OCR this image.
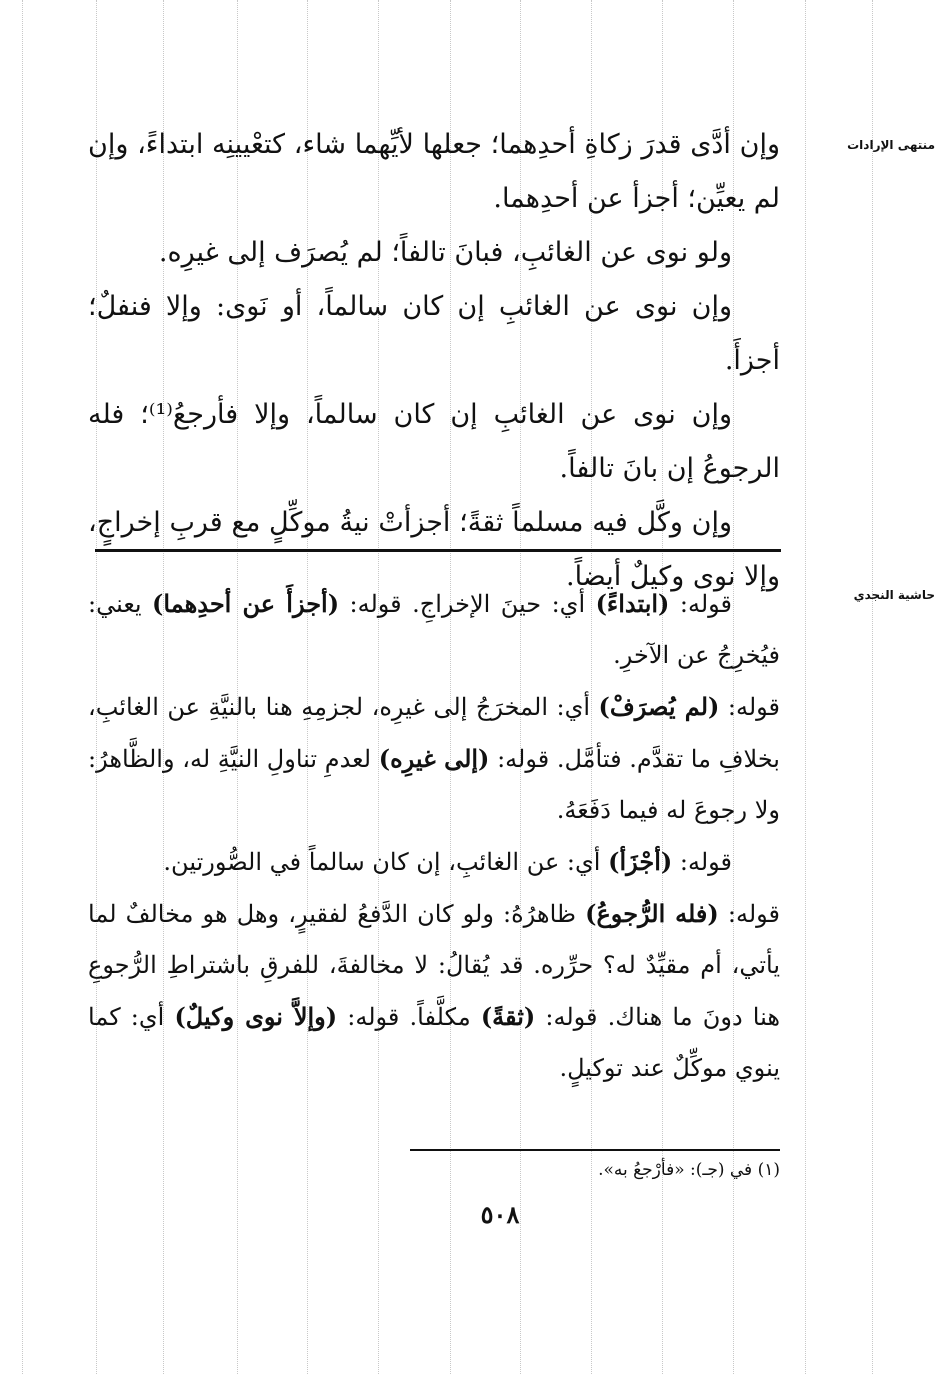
منتهى الإرادات
حاشية النجدي

وإن أدَّى قدرَ زكاةِ أحدِهما؛ جعلها لأيِّهما شاء، كتعْيينِه ابتداءً، وإن لم يعيِّن؛ أجزأ عن أحدِهما.

ولو نوى عن الغائبِ، فبانَ تالفاً؛ لم يُصرَف إلى غيرِه.

وإن نوى عن الغائبِ إن كان سالماً، أو نَوى: وإلا فنفلٌ؛ أجزأَ.

وإن نوى عن الغائبِ إن كان سالماً، وإلا فأرجعُ⁽¹⁾؛ فله الرجوعُ إن بانَ تالفاً.

وإن وكَّل فيه مسلماً ثقةً؛ أجزأتْ نيةُ موكِّلٍ مع قربِ إخراجٍ، وإلا نوى وكيلٌ أيضاً.

قوله: (ابتداءً) أي: حينَ الإخراجِ. قوله: (أجزأَ عن أحدِهما) يعني: فيُخرِجُ عن الآخرِ.

قوله: (لم يُصرَفْ) أي: المخرَجُ إلى غيرِه، لجزمِهِ هنا بالنيَّةِ عن الغائبِ، بخلافِ ما تقدَّم. فتأمَّل. قوله: (إلى غيرِه) لعدمِ تناولِ النيَّةِ له، والظَّاهرُ: ولا رجوعَ له فيما دَفَعَهُ.

قوله: (أجْزَأ) أي: عن الغائبِ، إن كان سالماً في الصُّورتين.

قوله: (فله الرُّجوعُ) ظاهرُهُ: ولو كان الدَّفعُ لفقيرٍ، وهل هو مخالفٌ لما يأتي، أم مقيِّدٌ له؟ حرِّره. قد يُقالُ: لا مخالفةَ، للفرقِ باشتراطِ الرُّجوعِ هنا دونَ ما هناك. قوله: (ثقةً) مكلَّفاً. قوله: (وإلاَّ نوى وكيلٌ) أي: كما ينوي موكِّلٌ عند توكيلٍ.

(١) في (جـ): «فأرْجعُ به».
٥٠٨
